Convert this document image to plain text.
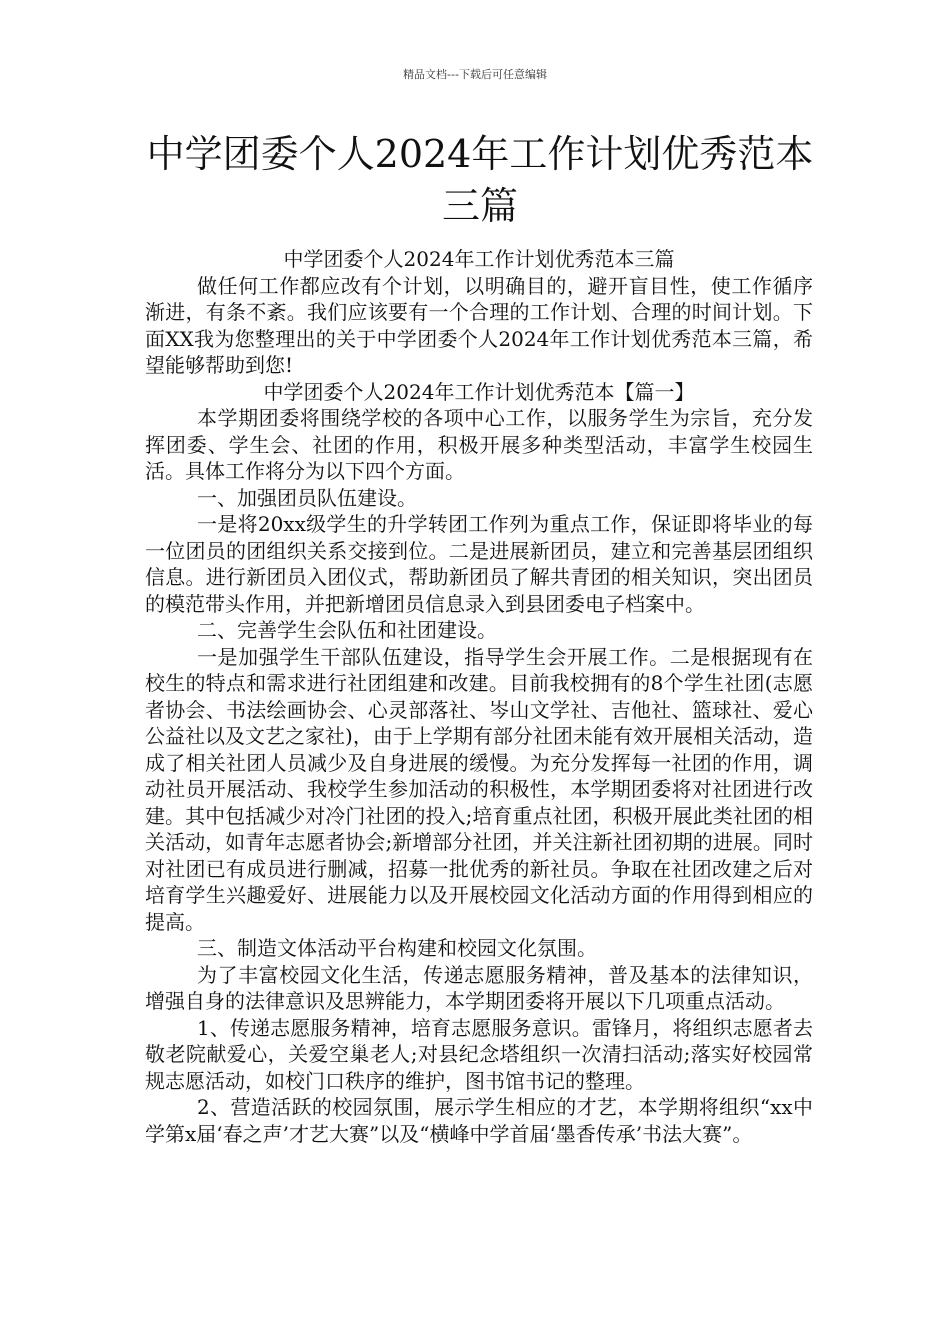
精品文档---下载后可任意编辑
中学团委个人2024年工作计划优秀范本三篇

中学团委个人2024年工作计划优秀范本三篇

做任何工作都应改有个计划，以明确目的，避开盲目性，使工作循序渐进，有条不紊。我们应该要有一个合理的工作计划、合理的时间计划。下面XX我为您整理出的关于中学团委个人2024年工作计划优秀范本三篇，希望能够帮助到您!

中学团委个人2024年工作计划优秀范本【篇一】

本学期团委将围绕学校的各项中心工作，以服务学生为宗旨，充分发挥团委、学生会、社团的作用，积极开展多种类型活动，丰富学生校园生活。具体工作将分为以下四个方面。

一、加强团员队伍建设。

一是将20xx级学生的升学转团工作列为重点工作，保证即将毕业的每一位团员的团组织关系交接到位。二是进展新团员，建立和完善基层团组织信息。进行新团员入团仪式，帮助新团员了解共青团的相关知识，突出团员的模范带头作用，并把新增团员信息录入到县团委电子档案中。

二、完善学生会队伍和社团建设。

一是加强学生干部队伍建设，指导学生会开展工作。二是根据现有在校生的特点和需求进行社团组建和改建。目前我校拥有的8个学生社团(志愿者协会、书法绘画协会、心灵部落社、岑山文学社、吉他社、篮球社、爱心公益社以及文艺之家社)，由于上学期有部分社团未能有效开展相关活动，造成了相关社团人员减少及自身进展的缓慢。为充分发挥每一社团的作用，调动社员开展活动、我校学生参加活动的积极性，本学期团委将对社团进行改建。其中包括减少对冷门社团的投入;培育重点社团，积极开展此类社团的相关活动，如青年志愿者协会;新增部分社团，并关注新社团初期的进展。同时对社团已有成员进行删减，招募一批优秀的新社员。争取在社团改建之后对培育学生兴趣爱好、进展能力以及开展校园文化活动方面的作用得到相应的提高。

三、制造文体活动平台构建和校园文化氛围。

为了丰富校园文化生活，传递志愿服务精神，普及基本的法律知识，增强自身的法律意识及思辨能力，本学期团委将开展以下几项重点活动。

1、传递志愿服务精神，培育志愿服务意识。雷锋月，将组织志愿者去敬老院献爱心，关爱空巢老人;对县纪念塔组织一次清扫活动;落实好校园常规志愿活动，如校门口秩序的维护，图书馆书记的整理。

2、营造活跃的校园氛围，展示学生相应的才艺，本学期将组织“xx中学第x届‘春之声’才艺大赛”以及“横峰中学首届‘墨香传承’书法大赛”。
